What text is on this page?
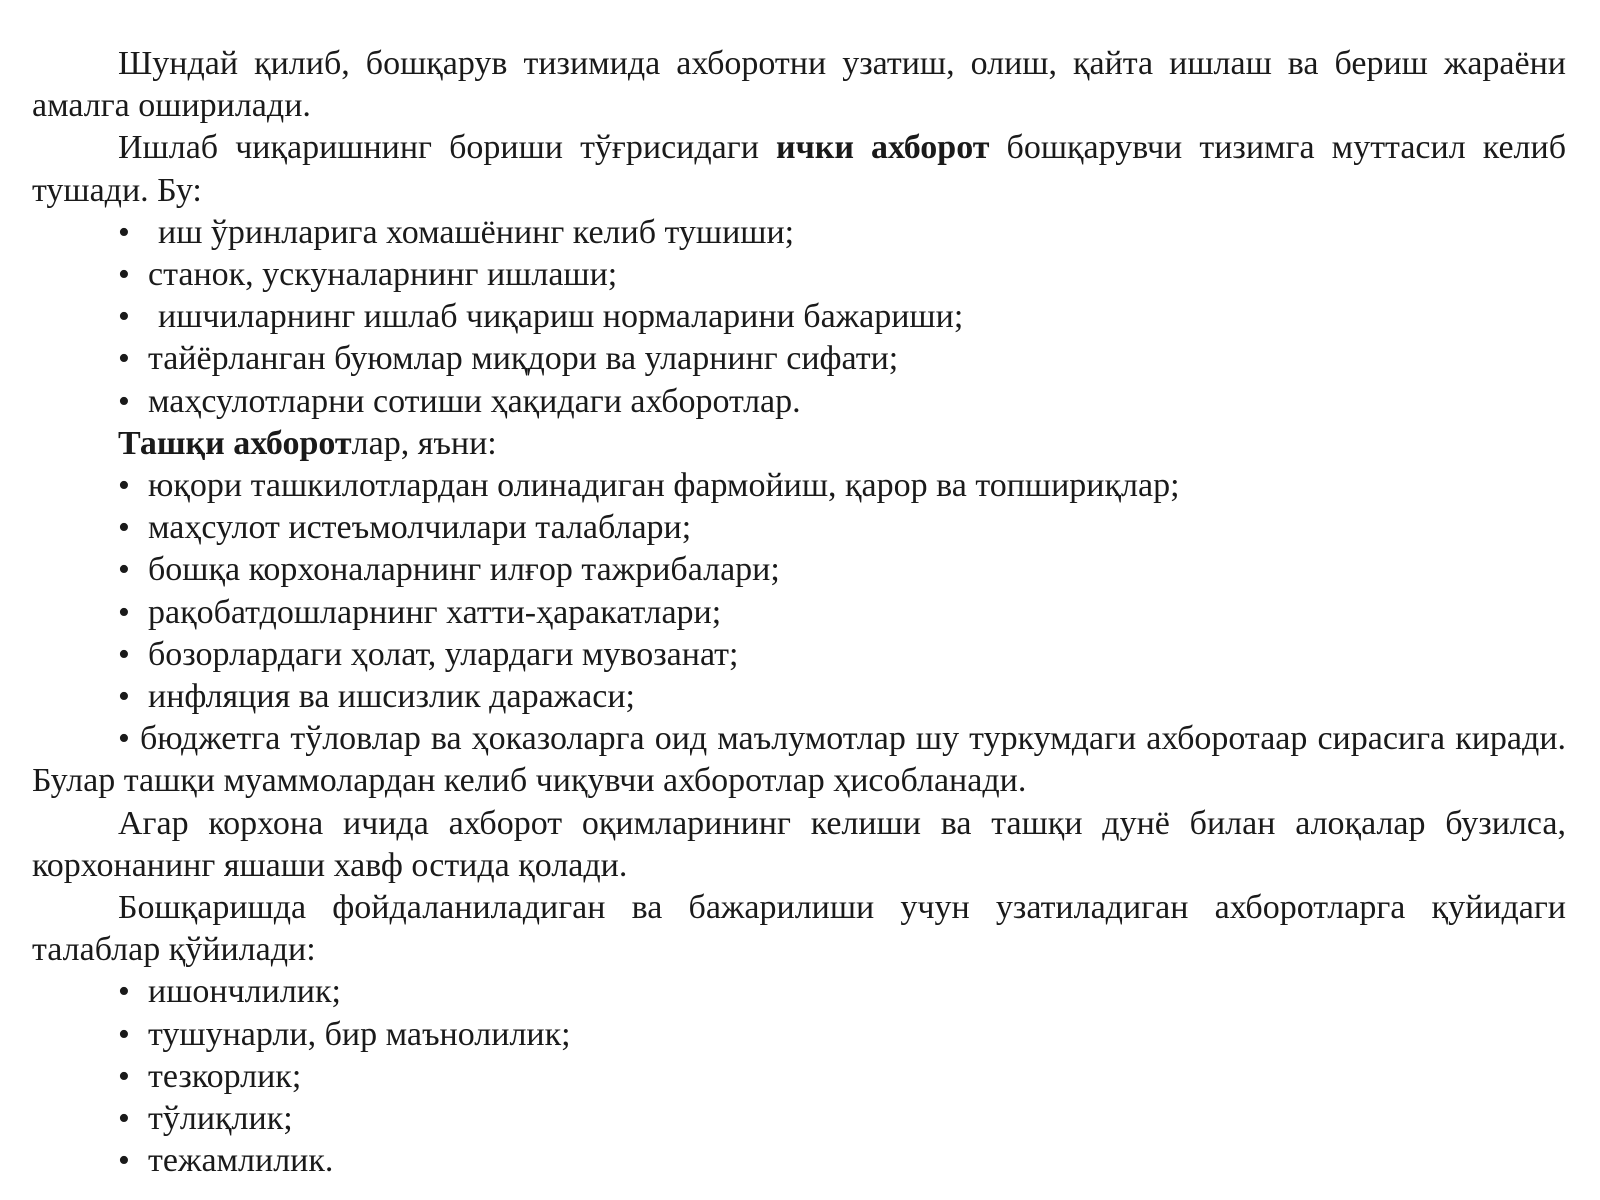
Шундай қилиб, бошқарув тизимида ахборотни узатиш, олиш, қайта ишлаш ва бериш жараёни амалга оширилади.

Ишлаб чиқаришнинг бориши тўғрисидаги ички ахборот бошқарувчи тизимга муттасил келиб тушади. Бу:

• иш ўринларига хомашёнинг келиб тушиши;

• станок, ускуналарнинг ишлаши;

• ишчиларнинг ишлаб чиқариш нормаларини бажариши;

• тайёрланган буюмлар миқдори ва уларнинг сифати;

• маҳсулотларни сотиши ҳақидаги ахборотлар.

Ташқи ахборотлар, яъни:

• юқори ташкилотлардан олинадиган фармойиш, қарор ва топшириқлар;

• маҳсулот истеъмолчилари талаблари;

• бошқа корхоналарнинг илғор тажрибалари;

• рақобатдошларнинг хатти-ҳаракатлари;

• бозорлардаги ҳолат, улардаги мувозанат;

• инфляция ва ишсизлик даражаси;

• бюджетга тўловлар ва ҳоказоларга оид маълумотлар шу туркумдаги ахборотаар сирасига киради. Булар ташқи муаммолардан келиб чиқувчи ахборотлар ҳисобланади.

Агар корхона ичида ахборот оқимларининг келиши ва ташқи дунё билан алоқалар бузилса, корхонанинг яшаши хавф остида қолади.

Бошқаришда фойдаланиладиган ва бажарилиши учун узатиладиган ахборотларга қуйидаги талаблар қўйилади:

• ишончлилик;

• тушунарли, бир маънолилик;

• тезкорлик;

• тўлиқлик;

• тежамлилик.
